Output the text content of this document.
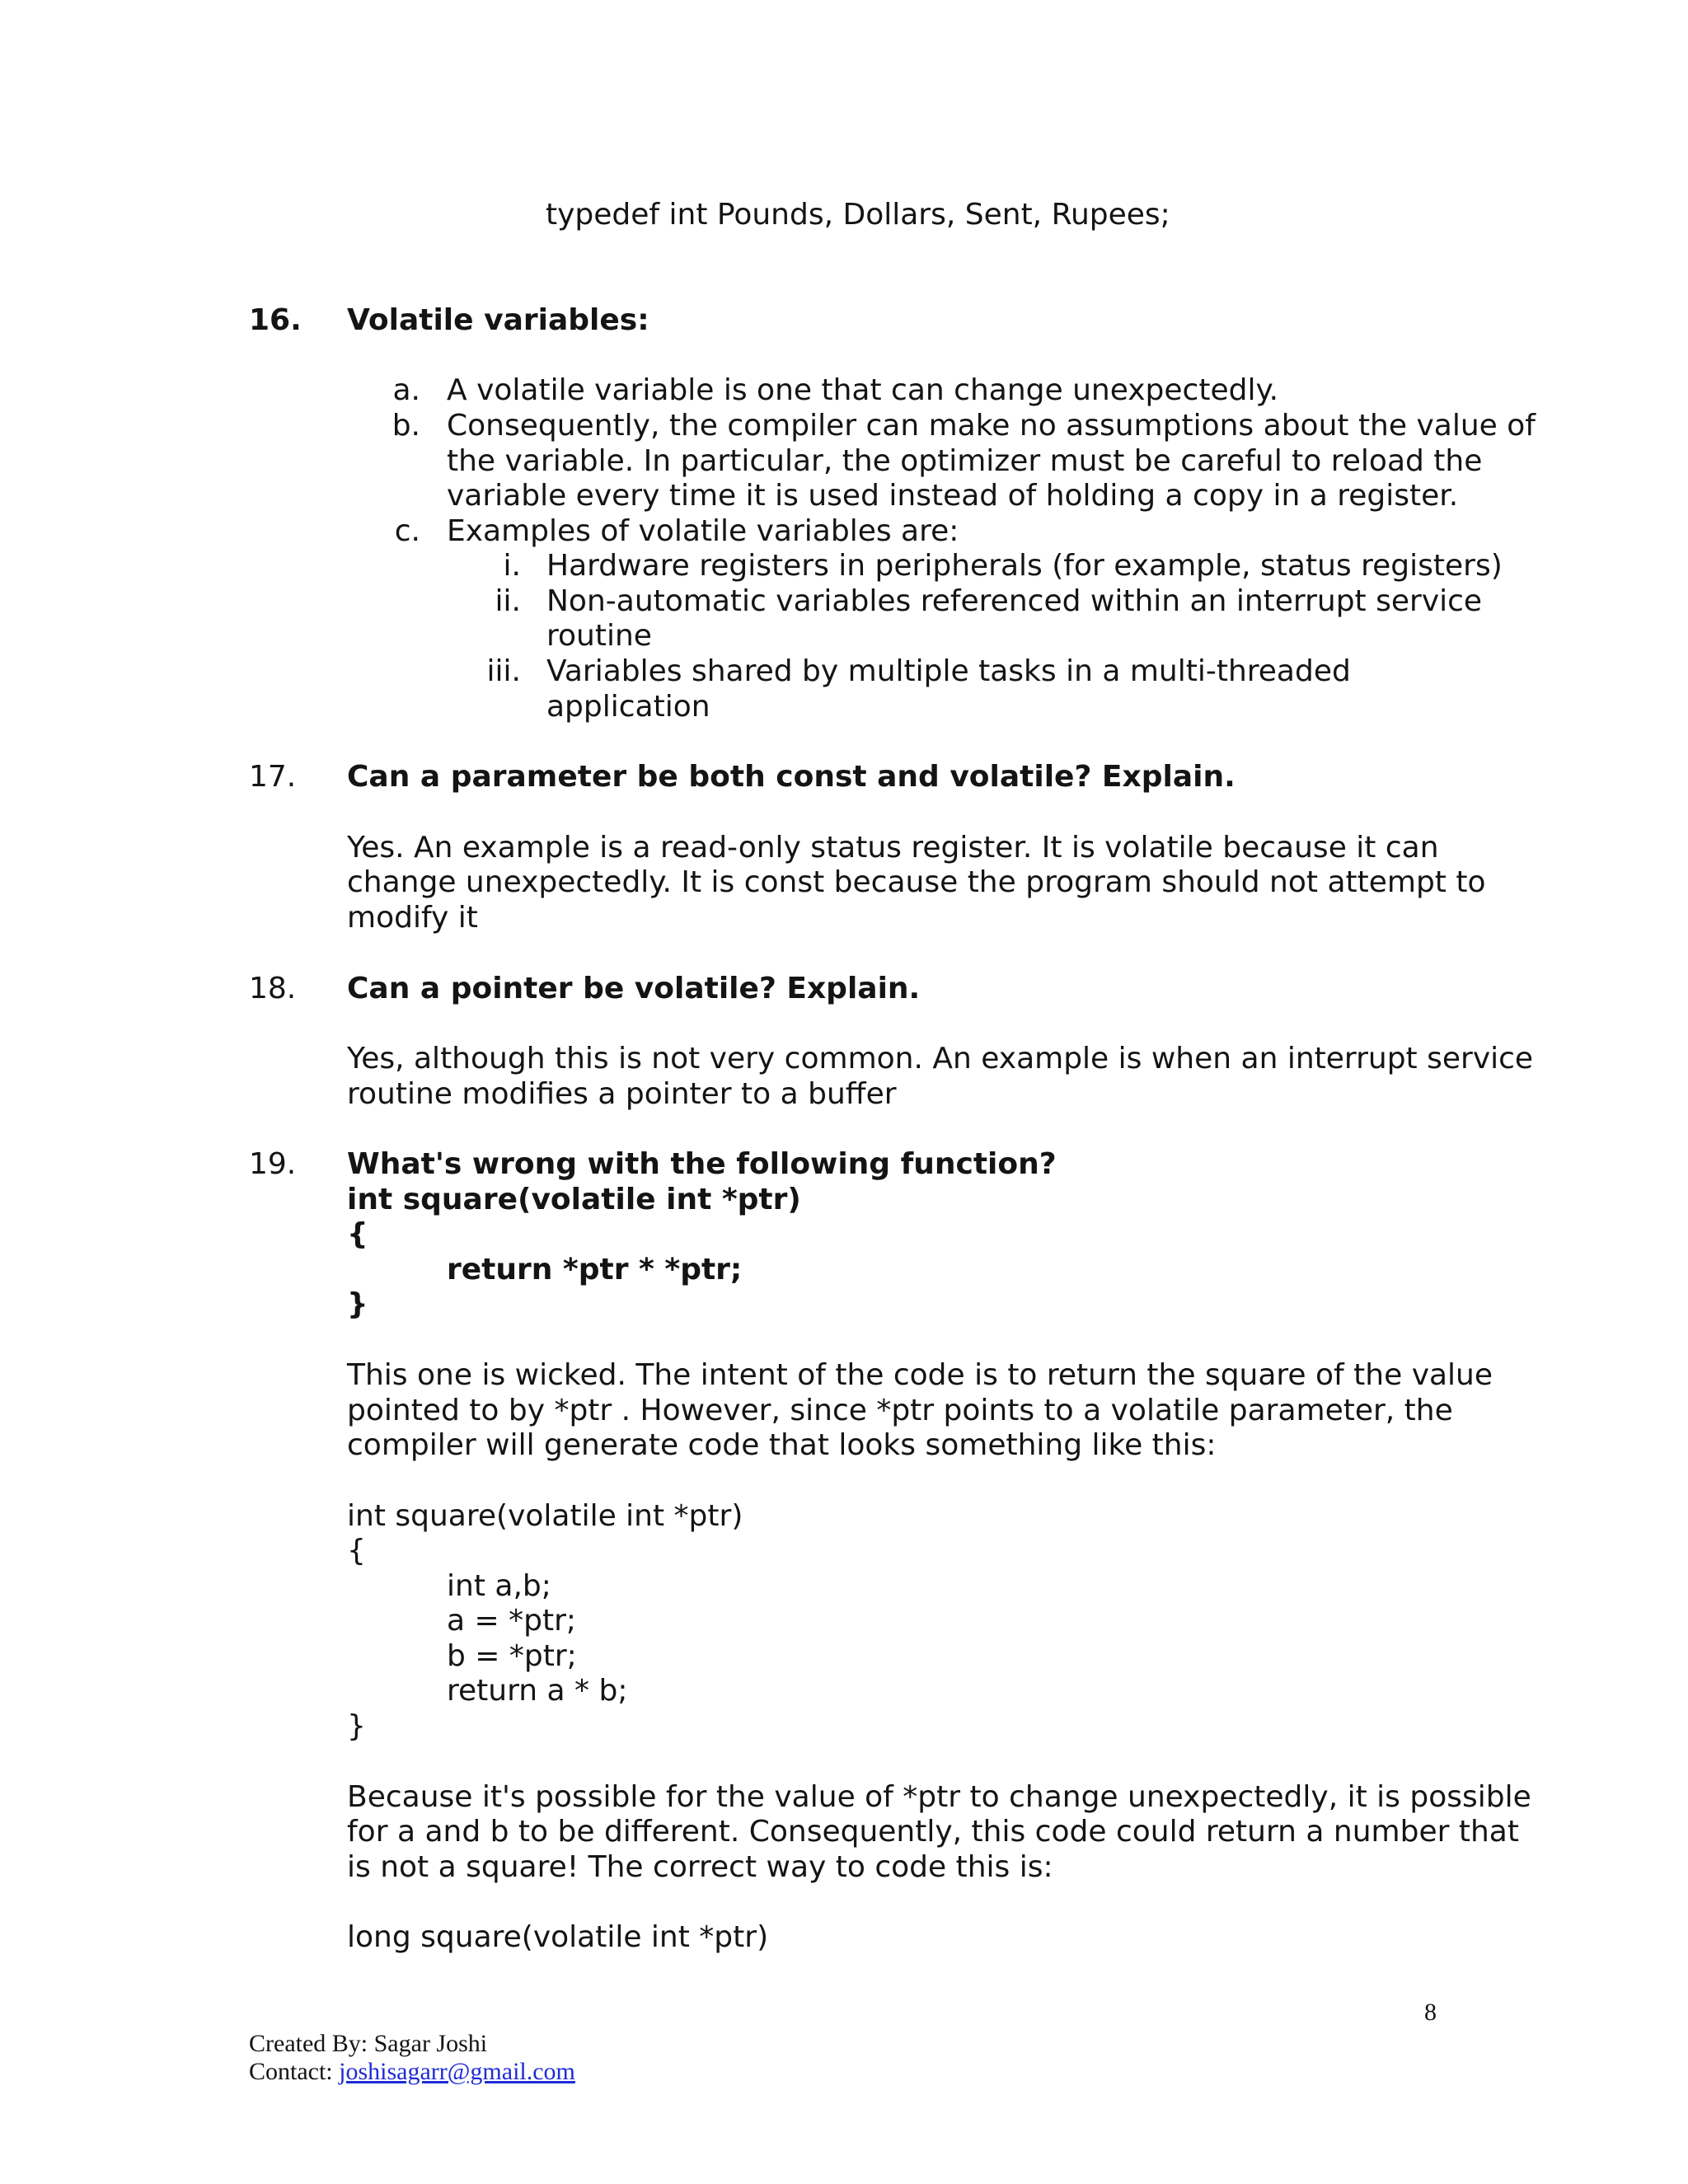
typedef int Pounds, Dollars, Sent, Rupees;
16. Volatile variables:
a. A volatile variable is one that can change unexpectedly.
b. Consequently, the compiler can make no assumptions about the value of
the variable. In particular, the optimizer must be careful to reload the
variable every time it is used instead of holding a copy in a register.
c. Examples of volatile variables are:
i. Hardware registers in peripherals (for example, status registers)
ii. Non-automatic variables referenced within an interrupt service
routine
iii. Variables shared by multiple tasks in a multi-threaded
application
17. Can a parameter be both const and volatile? Explain.
Yes. An example is a read-only status register. It is volatile because it can
change unexpectedly. It is const because the program should not attempt to
modify it
18. Can a pointer be volatile? Explain.
Yes, although this is not very common. An example is when an interrupt service
routine modifies a pointer to a buffer
19. What's wrong with the following function?
int square(volatile int *ptr)
{
return *ptr * *ptr;
}
This one is wicked. The intent of the code is to return the square of the value
pointed to by *ptr . However, since *ptr points to a volatile parameter, the
compiler will generate code that looks something like this:
int square(volatile int *ptr)
{
int a,b;
a = *ptr;
b = *ptr;
return a * b;
}
Because it's possible for the value of *ptr to change unexpectedly, it is possible
for a and b to be different. Consequently, this code could return a number that
is not a square! The correct way to code this is:
long square(volatile int *ptr)
8
Created By: Sagar Joshi
Contact: joshisagarr@gmail.com
